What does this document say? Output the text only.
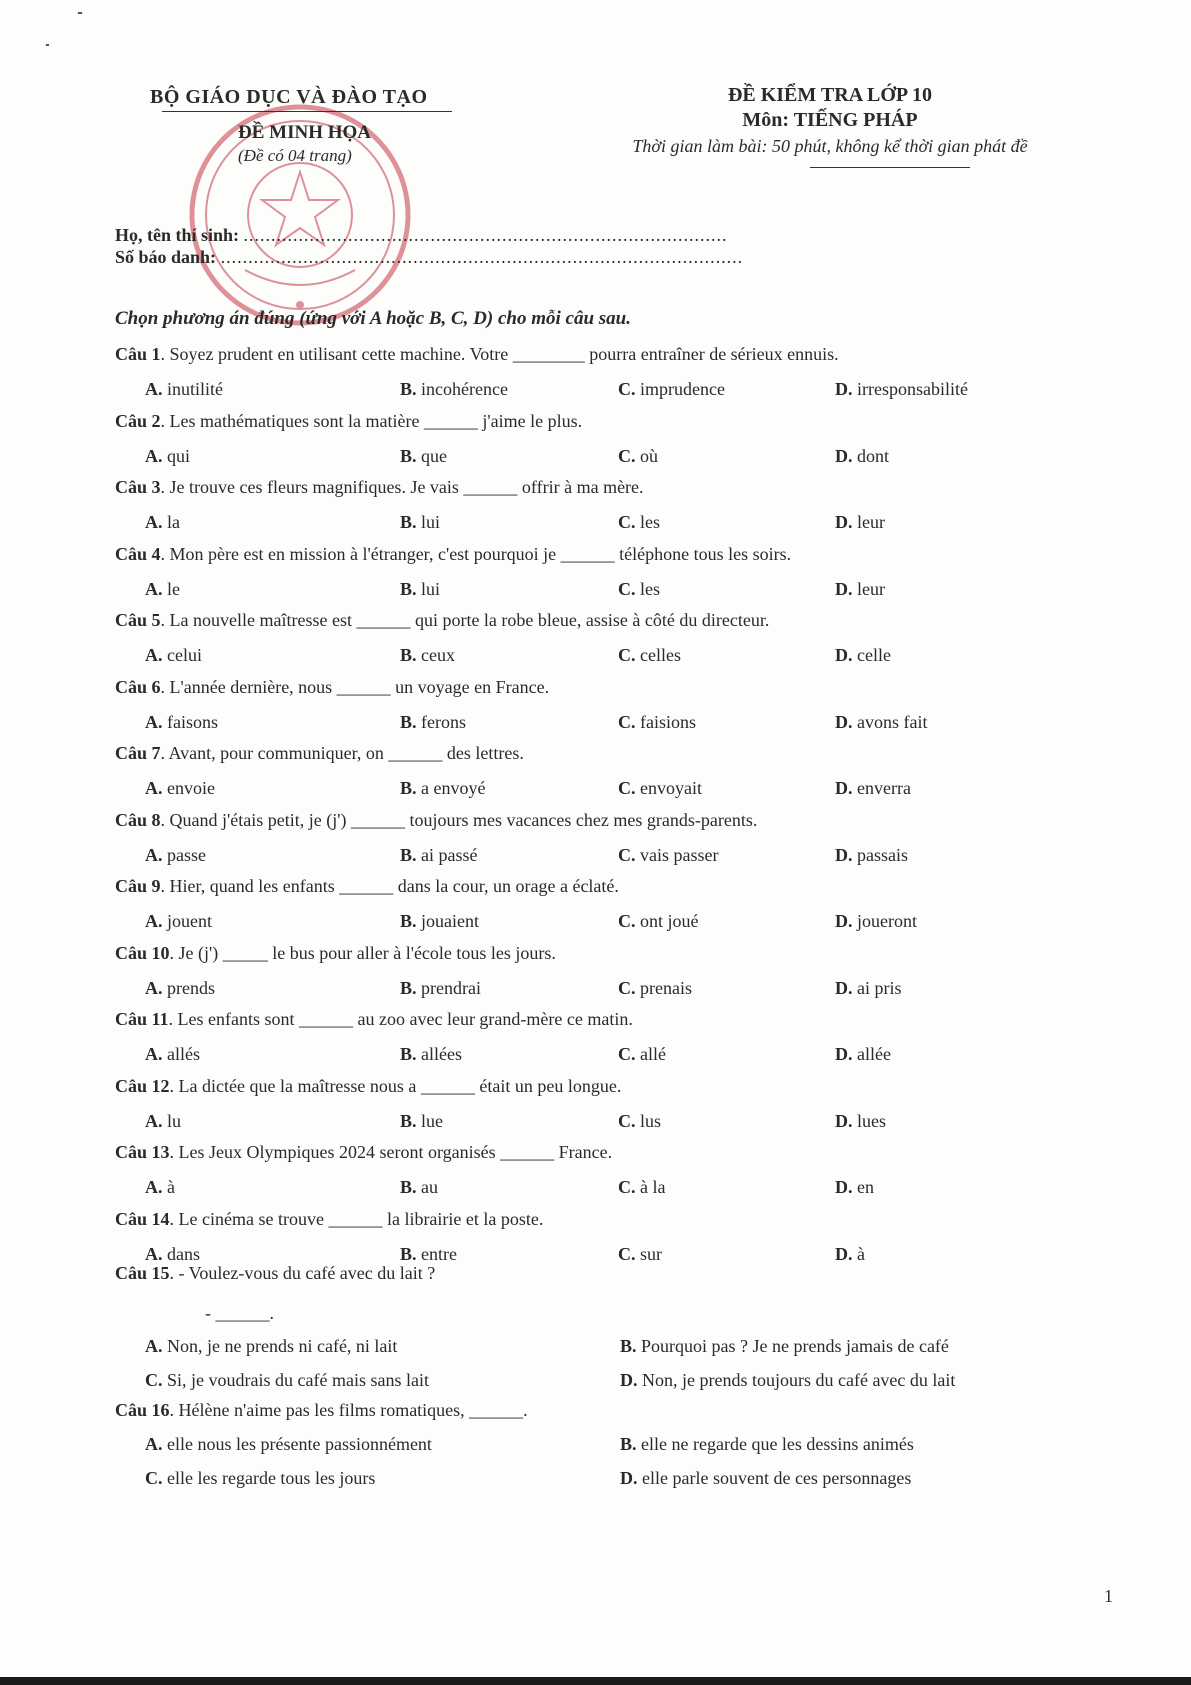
BỘ GIÁO DỤC VÀ ĐÀO TẠO
ĐỀ MINH HỌA
(Đề có 04 trang)
ĐỀ KIỂM TRA LỚP 10
Môn: TIẾNG PHÁP
Thời gian làm bài: 50 phút, không kể thời gian phát đề
Họ, tên thí sinh: ........................................................................................
Số báo danh: ...............................................................................................
Chọn phương án đúng (ứng với A hoặc B, C, D) cho mỗi câu sau.
Câu 1. Soyez prudent en utilisant cette machine. Votre ________ pourra entraîner de sérieux ennuis.
A. inutilité	B. incohérence	C. imprudence	D. irresponsabilité
Câu 2. Les mathématiques sont la matière ______ j'aime le plus.
A. qui	B. que	C. où	D. dont
Câu 3. Je trouve ces fleurs magnifiques. Je vais ______ offrir à ma mère.
A. la	B. lui	C. les	D. leur
Câu 4. Mon père est en mission à l'étranger, c'est pourquoi je ______ téléphone tous les soirs.
A. le	B. lui	C. les	D. leur
Câu 5. La nouvelle maîtresse est ______ qui porte la robe bleue, assise à côté du directeur.
A. celui	B. ceux	C. celles	D. celle
Câu 6. L'année dernière, nous ______ un voyage en France.
A. faisons	B. ferons	C. faisions	D. avons fait
Câu 7. Avant, pour communiquer, on ______ des lettres.
A. envoie	B. a envoyé	C. envoyait	D. enverra
Câu 8. Quand j'étais petit, je (j') ______ toujours mes vacances chez mes grands-parents.
A. passe	B. ai passé	C. vais passer	D. passais
Câu 9. Hier, quand les enfants ______ dans la cour, un orage a éclaté.
A. jouent	B. jouaient	C. ont joué	D. joueront
Câu 10. Je (j') _____ le bus pour aller à l'école tous les jours.
A. prends	B. prendrai	C. prenais	D. ai pris
Câu 11. Les enfants sont ______ au zoo avec leur grand-mère ce matin.
A. allés	B. allées	C. allé	D. allée
Câu 12. La dictée que la maîtresse nous a ______ était un peu longue.
A. lu	B. lue	C. lus	D. lues
Câu 13. Les Jeux Olympiques 2024 seront organisés ______ France.
A. à	B. au	C. à la	D. en
Câu 14. Le cinéma se trouve ______ la librairie et la poste.
A. dans	B. entre	C. sur	D. à
Câu 15. - Voulez-vous du café avec du lait ?
- ______.
A. Non, je ne prends ni café, ni lait	B. Pourquoi pas ? Je ne prends jamais de café
C. Si, je voudrais du café mais sans lait	D. Non, je prends toujours du café avec du lait
Câu 16. Hélène n'aime pas les films romatiques, ______.
A. elle nous les présente passionnément	B. elle ne regarde que les dessins animés
C. elle les regarde tous les jours	D. elle parle souvent de ces personnages
1
